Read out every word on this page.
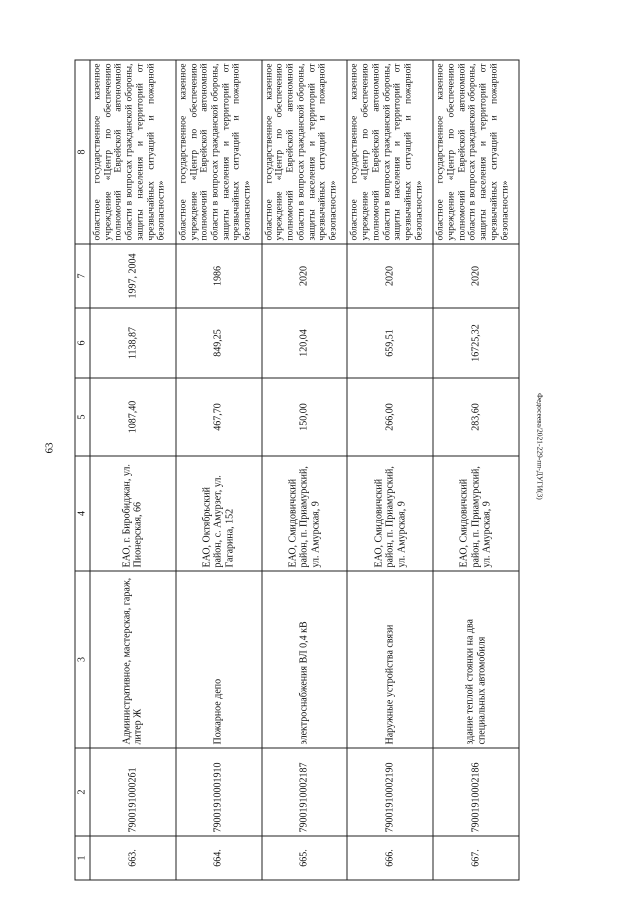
63
1	2	3	4	5	6	7	8
663.	79001910002б1	Административное, мастерская, гараж, литер Ж	ЕАО, г. Биробиджан, ул. Пионерская, 66	1087,40	1138,87	1997, 2004	областное государственное казенное учреждение «Центр по обеспечению полномочий Еврейской автономной области в вопросах гражданской обороны, защиты населения и территорий от чрезвычайных ситуаций и пожарной безопасности»
664.	79001910001910	Пожарное депо	ЕАО, Октябрьский район, с. Амурзет, ул. Гагарина, 152	467,70	849,25	1986	областное государственное казенное учреждение «Центр по обеспечению полномочий Еврейской автономной области в вопросах гражданской обороны, защиты населения и территорий от чрезвычайных ситуаций и пожарной безопасности»
665.	79001910002187	электроснабжения ВЛ 0,4 кВ	ЕАО, Смидовичский район, п. Приамурский, ул. Амурская, 9	150,00	120,04	2020	областное государственное казенное учреждение «Центр по обеспечению полномочий Еврейской автономной области в вопросах гражданской обороны, защиты населения и территорий от чрезвычайных ситуаций и пожарной безопасности»
666.	79001910002190	Наружные устройства связи	ЕАО, Смидовичский район, п. Приамурский, ул. Амурская, 9	266,00	659,51	2020	областное государственное казенное учреждение «Центр по обеспечению полномочий Еврейской автономной области в вопросах гражданской обороны, защиты населения и территорий от чрезвычайных ситуаций и пожарной безопасности»
667.	79001910002186	здание теплой стоянки на два специальных автомобиля	ЕАО, Смидовичский район, п. Приамурский, ул. Амурская, 9	283,60	16725,32	2020	областное государственное казенное учреждение «Центр по обеспечению полномочий Еврейской автономной области в вопросах гражданской обороны, защиты населения и территорий от чрезвычайных ситуаций и пожарной безопасности»
Федосеева/2021-229-пп-ДУГИ(3)
